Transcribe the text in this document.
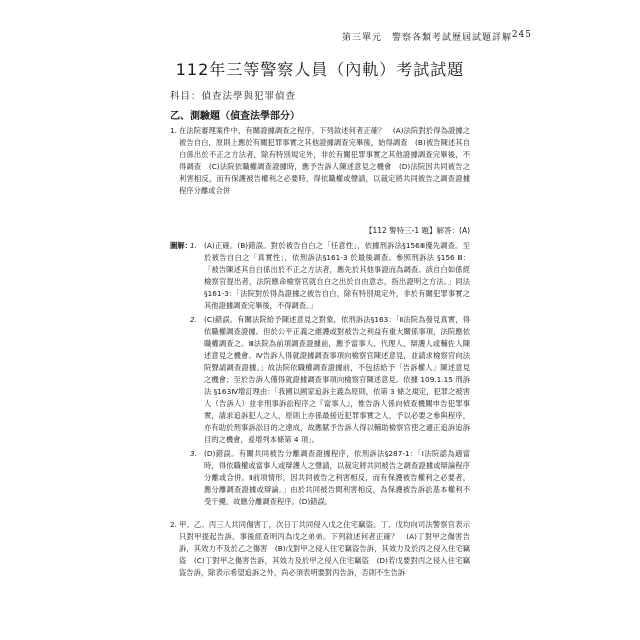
第三單元　警察各類考試歷屆試題詳解 245
112年三等警察人員（內軌）考試試題
科目：偵查法學與犯罪偵查
乙、測驗題（偵查法學部分）
1. 在法院審理案件中，有關證據調查之程序，下列敘述何者正確？　(A)法院對於得為證據之被告自白，原則上應於有關犯罪事實之其他證據調查完畢後，始得調查　(B)被告陳述其自白係出於不正之方法者，除有特別規定外，非於有關犯罪事實之其他證據調查完畢後，不得調查　(C)法院依職權調查證據時，應予告訴人陳述意見之機會　(D)法院因共同被告之利害相反，而有保護被告權利之必要時，得依職權或聲請，以裁定將共同被告之調查證據程序分離或合併
【112 警特三-1 題】解答：(A)
圖解：
1. (A)正確。(B)錯誤。對於被告自白之「任意性」，依據刑訴法§156Ⅲ優先調查。至於被告自白之「真實性」，依刑訴法§161-3 於最後調查。參照刑訴法 §156 Ⅲ：「被告陳述其自白係出於不正之方法者，應先於其他事證而為調查。該自白如係經檢察官提出者，法院應命檢察官就自白之出於自由意志，指出證明之方法。」同法 §161-3：「法院對於得為證據之被告自白，除有特別規定外，非於有關犯罪事實之其他證據調查完畢後，不得調查。」
2. (C)錯誤。有關法院給予陳述意見之對象，依刑訴法§163：「Ⅱ法院為發見真實，得依職權調查證據。但於公平正義之維護或對被告之利益有重大關係事項，法院應依職權調查之。Ⅲ法院為前項調查證據前，應予當事人、代理人、辯護人或輔佐人陳述意見之機會。Ⅳ告訴人得就證據調查事項向檢察官陳述意見，並請求檢察官向法院聲請調查證據。」故法院依職權調查證據前，不包括給予「告訴權人」陳述意見之機會；至於告訴人僅得就證據調查事項向檢察官陳述意見。依據 109.1.15 刑訴法 §163Ⅳ增訂理由：「我國以國家追訴主義為原則，依第 3 條之規定，犯罪之被害人（告訴人）並非刑事訴訟程序之『當事人』，惟告訴人係向偵查機關申告犯罪事實，請求追訴犯人之人，原則上亦係最接近犯罪事實之人，予以必要之參與程序，亦有助於刑事訴訟目的之達成，故應賦予告訴人得以輔助檢察官使之適正追訴追訴目的之機會，爰增列本條第 4 項」。
3. (D)錯誤。有關共同被告分離調查證據程序，依刑訴法§287-1：「Ⅰ法院認為適當時，得依職權或當事人或辯護人之聲請，以裁定將共同被告之調查證據或辯論程序分離或合併。Ⅱ前項情形，因共同被告之利害相反，而有保護被告權利之必要者，應分離調查證據或辯論。」由於共同被告間利害相反，為保護被告訴訟基本權利不受干擾，故應分離調查程序。(D)錯誤。
2. 甲、乙、丙三人共同傷害丁，次日丁共同侵入戊之住宅竊盜。丁、戊均向司法警察官表示只對甲提起告訴，事後經查明丙為戊之弟弟。下列敘述何者正確？　(A)丁對甲之傷害告訴，其效力不及於乙之傷害　(B)戊對甲之侵入住宅竊盜告訴，其效力及於丙之侵入住宅竊盜　(C)丁對甲之傷害告訴，其效力及於甲之侵入住宅竊盜　(D)若戊要對丙之侵入住宅竊盜告訴，除表示希望追訴之外，尚必須表明要對丙告訴，否則不生告訴
